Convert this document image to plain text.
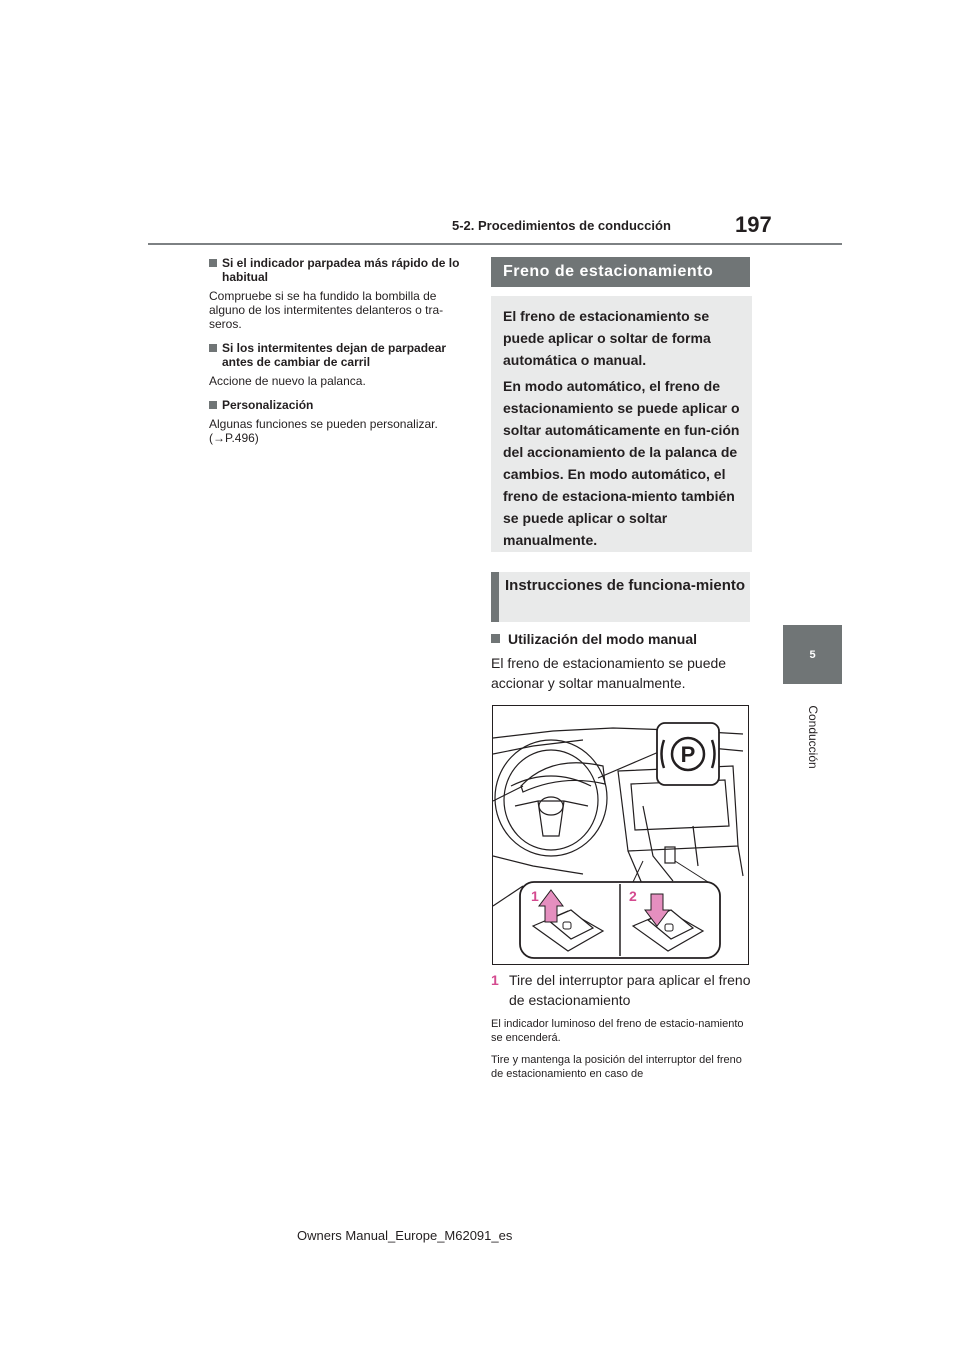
5-2. Procedimientos de conducción	197
5
Conducción
Si el indicador parpadea más rápido de lo habitual

Compruebe si se ha fundido la bombilla de alguno de los intermitentes delanteros o tra-seros.

Si los intermitentes dejan de parpadear antes de cambiar de carril

Accione de nuevo la palanca.

Personalización

Algunas funciones se pueden personalizar. (→P.496)

Freno de estacionamiento

El freno de estacionamiento se puede aplicar o soltar de forma automática o manual.

En modo automático, el freno de estacionamiento se puede aplicar o soltar automáticamente en fun-ción del accionamiento de la palanca de cambios. En modo automático, el freno de estaciona-miento también se puede aplicar o soltar manualmente.

Instrucciones de funciona-miento
Utilización del modo manual
El freno de estacionamiento se puede accionar y soltar manualmente.
P
1	2
1 Tire del interruptor para aplicar el freno de estacionamiento

El indicador luminoso del freno de estacio-namiento se encenderá.

Tire y mantenga la posición del interruptor del freno de estacionamiento en caso de

Owners Manual_Europe_M62091_es
